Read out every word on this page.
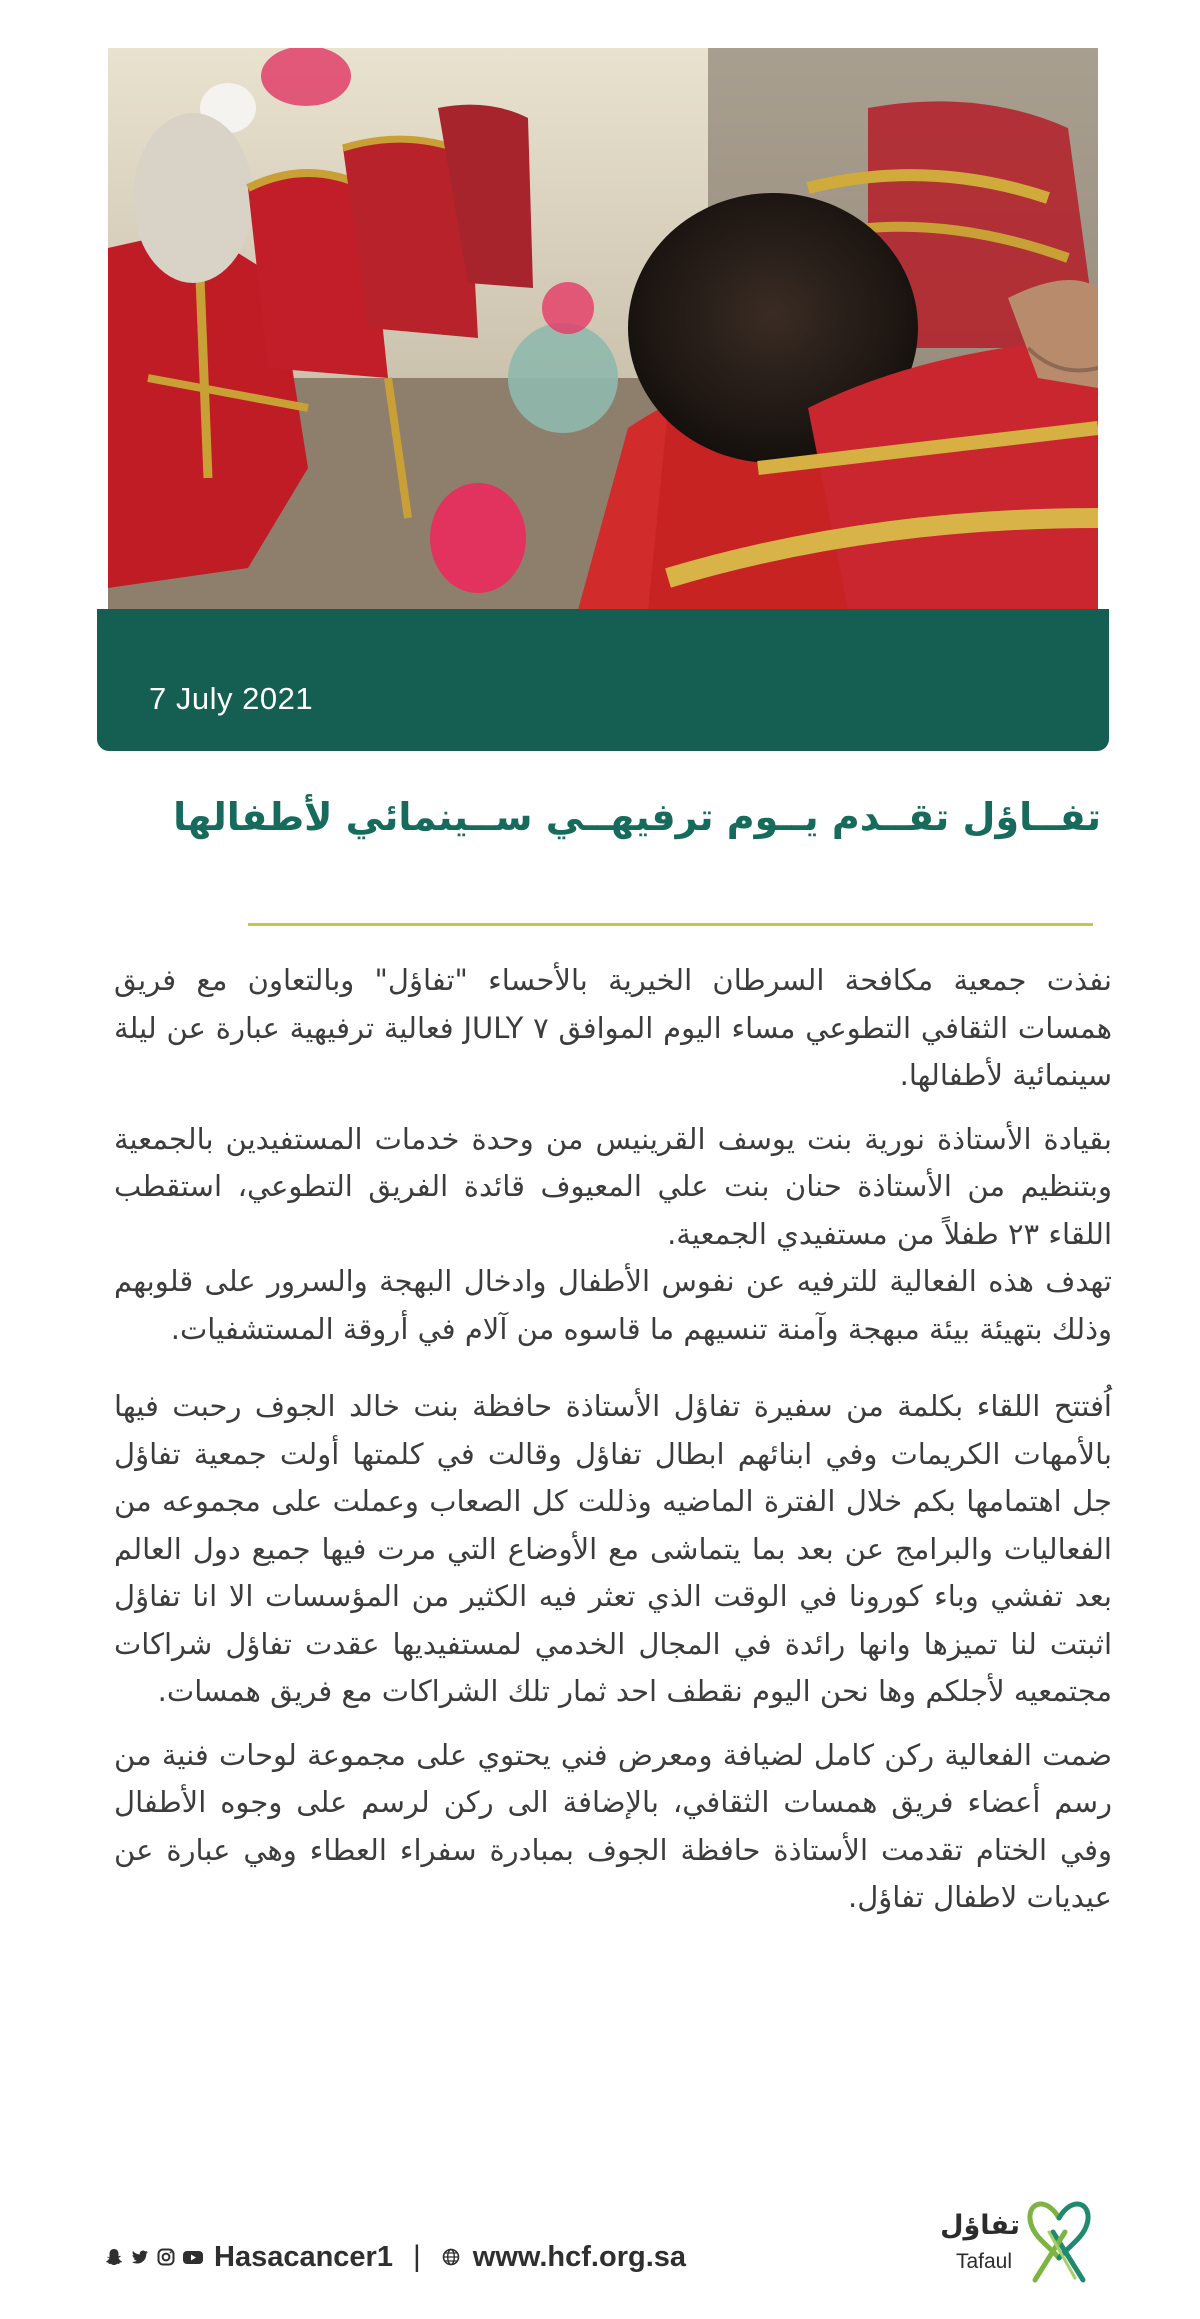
7 July 2021
تفــاؤل تقــدم يــوم ترفيهــي ســينمائي لأطفالها

نفذت جمعية مكافحة السرطان الخيرية بالأحساء "تفاؤل" وبالتعاون مع فريق همسات الثقافي التطوعي مساء اليوم الموافق ٧ JULY فعالية ترفيهية عبارة عن ليلة سينمائية لأطفالها.

بقيادة الأستاذة نورية بنت يوسف القرينيس من وحدة خدمات المستفيدين بالجمعية وبتنظيم من الأستاذة حنان بنت علي المعيوف قائدة الفريق التطوعي، استقطب اللقاء ٢٣ طفلاً من مستفيدي الجمعية.

تهدف هذه الفعالية للترفيه عن نفوس الأطفال وادخال البهجة والسرور على قلوبهم وذلك بتهيئة بيئة مبهجة وآمنة تنسيهم ما قاسوه من آلام في أروقة المستشفيات.

اُفتتح اللقاء بكلمة من سفيرة تفاؤل الأستاذة حافظة بنت خالد الجوف رحبت فيها بالأمهات الكريمات وفي ابنائهم ابطال تفاؤل وقالت في كلمتها أولت جمعية تفاؤل جل اهتمامها بكم خلال الفترة الماضيه وذللت كل الصعاب وعملت على مجموعه من الفعاليات والبرامج عن بعد بما يتماشى مع الأوضاع التي مرت فيها جميع دول العالم بعد تفشي وباء كورونا في الوقت الذي تعثر فيه الكثير من المؤسسات الا انا تفاؤل اثبتت لنا تميزها وانها رائدة في المجال الخدمي لمستفيديها عقدت تفاؤل شراكات مجتمعيه لأجلكم وها نحن اليوم نقطف احد ثمار تلك الشراكات مع فريق همسات.

ضمت الفعالية ركن كامل لضيافة ومعرض فني يحتوي على مجموعة لوحات فنية من رسم أعضاء فريق همسات الثقافي، بالإضافة الى ركن لرسم على وجوه الأطفال وفي الختام تقدمت الأستاذة حافظة الجوف بمبادرة سفراء العطاء وهي عبارة عن عيديات لاطفال تفاؤل.

Hasacancer1 | www.hcf.org.sa
تفاؤل
Tafaul
